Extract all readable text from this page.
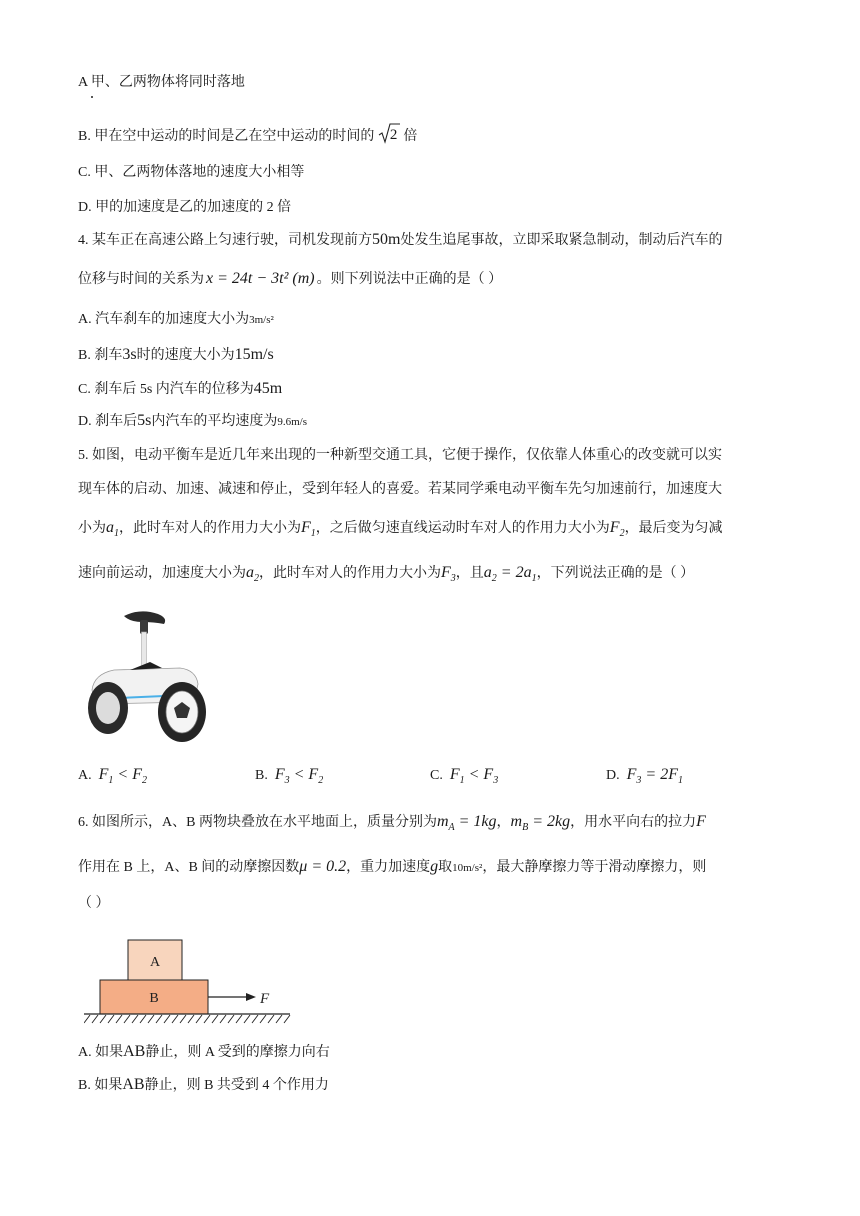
A 甲、乙两物体将同时落地
B. 甲在空中运动的时间是乙在空中运动的时间的 2 倍
C. 甲、乙两物体落地的速度大小相等
D. 甲的加速度是乙的加速度的 2 倍
4. 某车正在高速公路上匀速行驶，司机发现前方50m处发生追尾事故，立即采取紧急制动，制动后汽车的
位移与时间的关系为 x = 24t − 3t² (m) 。则下列说法中正确的是（ ）
A. 汽车刹车的加速度大小为3m/s²
B. 刹车3s时的速度大小为15m/s
C. 刹车后 5s 内汽车的位移为45m
D. 刹车后5s内汽车的平均速度为9.6m/s
5. 如图，电动平衡车是近几年来出现的一种新型交通工具，它便于操作，仅依靠人体重心的改变就可以实
现车体的启动、加速、减速和停止，受到年轻人的喜爱。若某同学乘电动平衡车先匀加速前行，加速度大
小为$a_1$，此时车对人的作用力大小为$F_1$，之后做匀速直线运动时车对人的作用力大小为$F_2$，最后变为匀减
速向前运动，加速度大小为$a_2$，此时车对人的作用力大小为$F_3$，且$a_2 = 2a_1$，下列说法正确的是（ ）
A. $F_1 < F_2$	B. $F_3 < F_2$	C. $F_1 < F_3$	D. $F_3 = 2F_1$
6. 如图所示，A、B 两物块叠放在水平地面上，质量分别为$m_A = 1kg$，$m_B = 2kg$，用水平向右的拉力F
作用在 B 上，A、B 间的动摩擦因数μ = 0.2，重力加速度g取10m/s²，最大静摩擦力等于滑动摩擦力，则
（ ）
A
B	F
A. 如果AB静止，则 A 受到的摩擦力向右
B. 如果AB静止，则 B 共受到 4 个作用力
